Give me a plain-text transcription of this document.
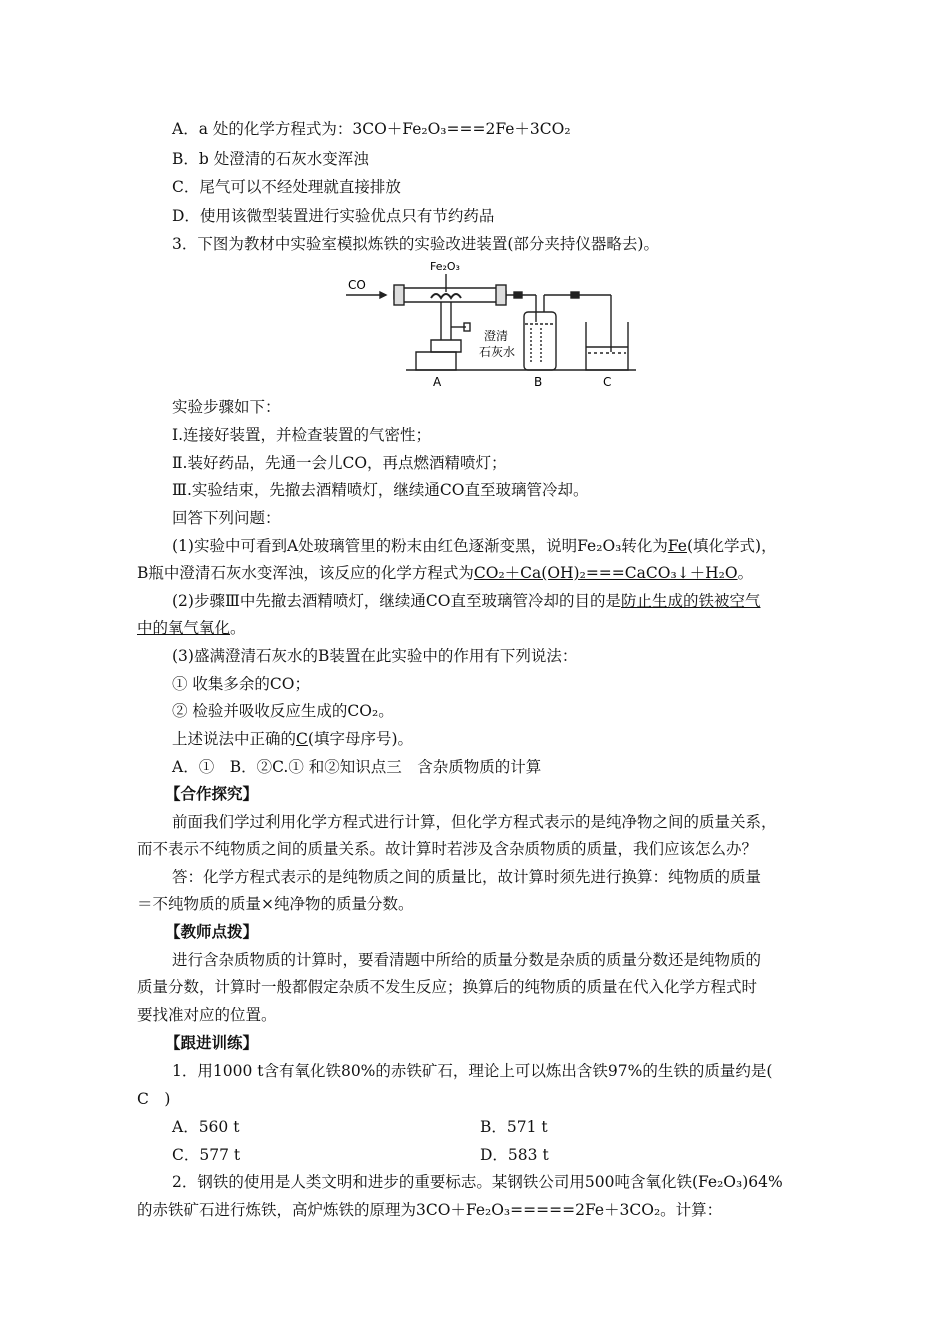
A．a 处的化学方程式为：3CO＋Fe₂O₃===2Fe＋3CO₂
B．b 处澄清的石灰水变浑浊
C．尾气可以不经处理就直接排放
D．使用该微型装置进行实验优点只有节约药品
3．下图为教材中实验室模拟炼铁的实验改进装置(部分夹持仪器略去)。
CO
Fe₂O₃
澄清
石灰水
A	B	C
实验步骤如下：
Ⅰ.连接好装置，并检查装置的气密性；
Ⅱ.装好药品，先通一会儿CO，再点燃酒精喷灯；
Ⅲ.实验结束，先撤去酒精喷灯，继续通CO直至玻璃管冷却。
回答下列问题：
(1)实验中可看到A处玻璃管里的粉末由红色逐渐变黑，说明Fe₂O₃转化为Fe(填化学式)，
B瓶中澄清石灰水变浑浊，该反应的化学方程式为CO₂＋Ca(OH)₂===CaCO₃↓＋H₂O。
(2)步骤Ⅲ中先撤去酒精喷灯，继续通CO直至玻璃管冷却的目的是防止生成的铁被空气
中的氧气氧化。
(3)盛满澄清石灰水的B装置在此实验中的作用有下列说法：
① 收集多余的CO；
② 检验并吸收反应生成的CO₂。
上述说法中正确的C(填字母序号)。
A．①　B．②C.① 和②知识点三　含杂质物质的计算
【合作探究】
前面我们学过利用化学方程式进行计算，但化学方程式表示的是纯净物之间的质量关系，
而不表示不纯物质之间的质量关系。故计算时若涉及含杂质物质的质量，我们应该怎么办？
答：化学方程式表示的是纯物质之间的质量比，故计算时须先进行换算：纯物质的质量
＝不纯物质的质量×纯净物的质量分数。
【教师点拨】
进行含杂质物质的计算时，要看清题中所给的质量分数是杂质的质量分数还是纯物质的
质量分数，计算时一般都假定杂质不发生反应；换算后的纯物质的质量在代入化学方程式时
要找准对应的位置。
【跟进训练】
1．用1000 t含有氧化铁80%的赤铁矿石，理论上可以炼出含铁97%的生铁的质量约是(
C　)
A．560 t	B．571 t
C．577 t	D．583 t
2．钢铁的使用是人类文明和进步的重要标志。某钢铁公司用500吨含氧化铁(Fe₂O₃)64%
的赤铁矿石进行炼铁，高炉炼铁的原理为3CO＋Fe₂O₃=====2Fe＋3CO₂。计算：
